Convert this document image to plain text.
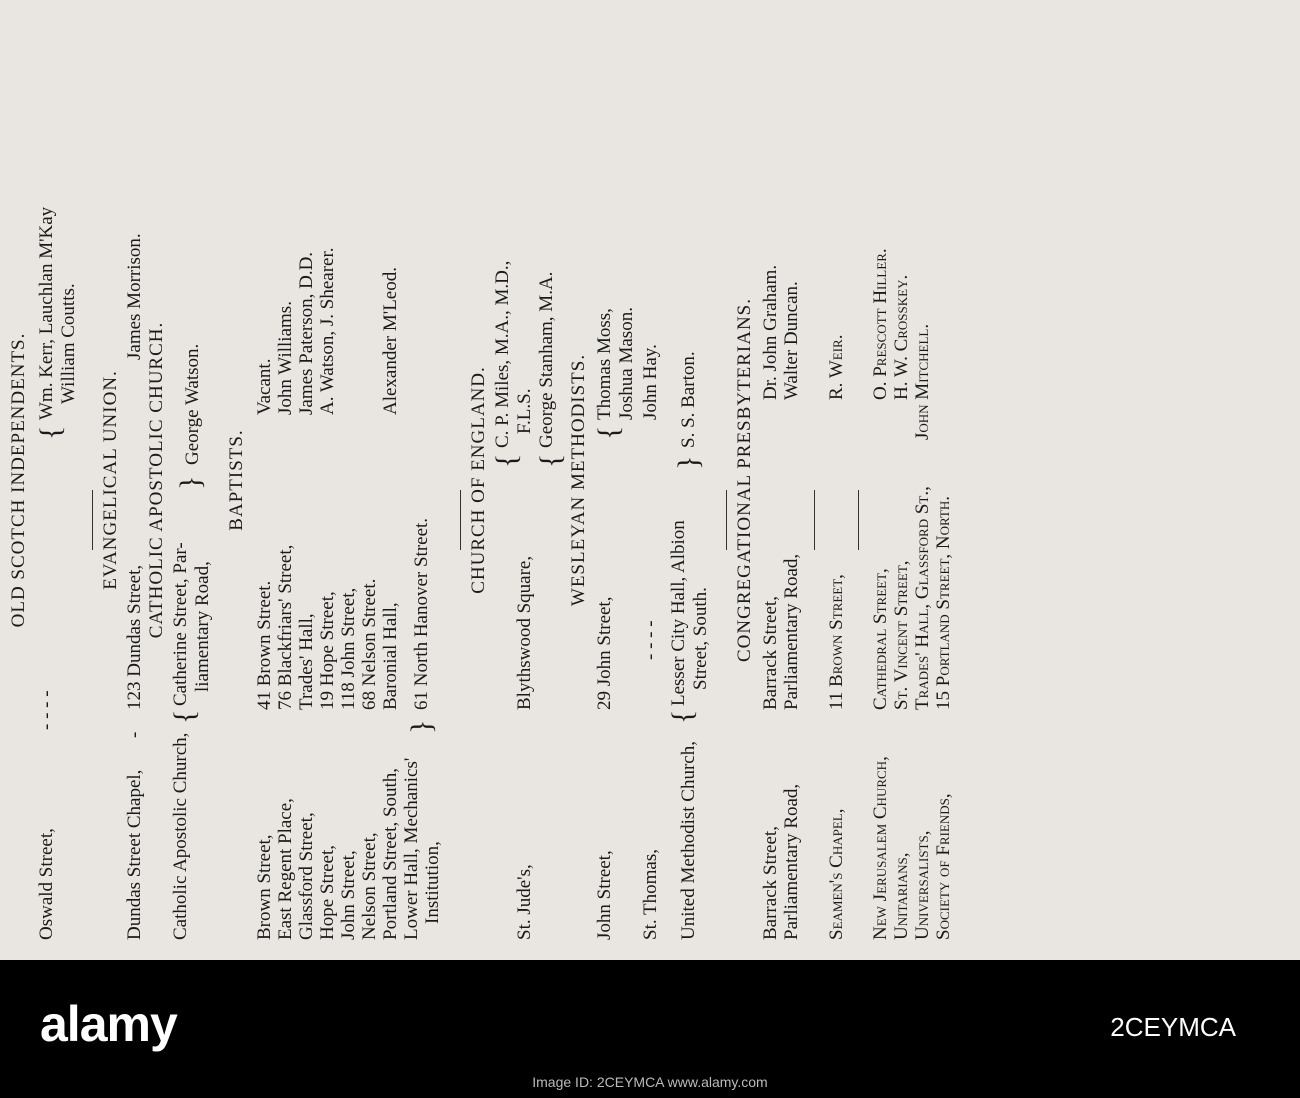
OLD SCOTCH INDEPENDENTS.
Oswald Street,
- - - -
{
Wm. Kerr, Lauchlan M'Kay William Coutts.
EVANGELICAL UNION.
Dundas Street Chapel,
-
123 Dundas Street,
James Morrison.
CATHOLIC APOSTOLIC CHURCH.
Catholic Apostolic Church,
{
Catherine Street, Par-
}
George Watson.
liamentary Road,
BAPTISTS.
Brown Street,
41 Brown Street.
Vacant.
East Regent Place,
76 Blackfriars' Street,
John Williams.
Glassford Street,
Trades' Hall,
James Paterson, D.D.
Hope Street,
19 Hope Street,
A. Watson, J. Shearer.
John Street,
118 John Street,
Nelson Street,
68 Nelson Street.
Portland Street, South,
Baronial Hall,
Alexander M'Leod.
Lower Hall, Mechanics'
}
61 North Hanover Street.
Institution,
CHURCH OF ENGLAND. {
C. P. Miles, M.A., M.D.,
St. Jude's,
Blythswood Square,
F.L.S.
{
George Stanham, M.A. WESLEYAN METHODISTS.
John Street,
29 John Street,
{
Thomas Moss, Joshua Mason.
St. Thomas,
- - - -
John Hay.
United Methodist Church,
{
Lesser City Hall, Albion
}
S. S. Barton.
Street, South. CONGREGATIONAL PRESBYTERIANS.
Barrack Street,
Barrack Street,
Dr. John Graham.
Parliamentary Road,
Parliamentary Road,
Walter Duncan.
Seamen's Chapel,
11 Brown Street,
R. Weir.
New Jerusalem Church,
Cathedral Street,
O. Prescott Hiller.
Unitarians,
St. Vincent Street,
H. W. Crosskey.
Universalists,
Trades' Hall, Glassford St.,
John Mitchell.
Society of Friends,
15 Portland Street, North.
alamy	2CEYMCA
Image ID: 2CEYMCA www.alamy.com
